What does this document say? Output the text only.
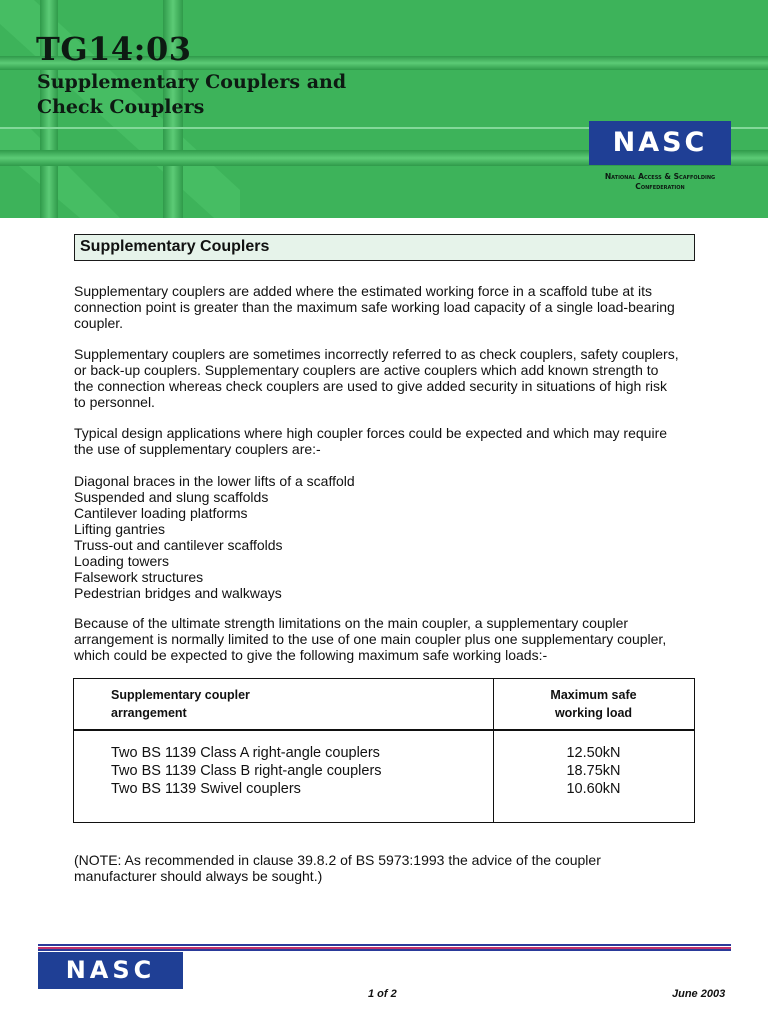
TG14:03
Supplementary Couplers and
Check Couplers
NASC
National Access & Scaffolding
Confederation
Supplementary Couplers
Supplementary couplers are added where the estimated working force in a scaffold tube at its
connection point is greater than the maximum safe working load capacity of a single load-bearing
coupler.
Supplementary couplers are sometimes incorrectly referred to as check couplers, safety couplers,
or back-up couplers. Supplementary couplers are active couplers which add known strength to
the connection whereas check couplers are used to give added security in situations of high risk
to personnel.
Typical design applications where high coupler forces could be expected and which may require
the use of supplementary couplers are:-
Diagonal braces in the lower lifts of a scaffold
Suspended and slung scaffolds
Cantilever loading platforms
Lifting gantries
Truss-out and cantilever scaffolds
Loading towers
Falsework structures
Pedestrian bridges and walkways
Because of the ultimate strength limitations on the main coupler, a supplementary coupler
arrangement is normally limited to the use of one main coupler plus one supplementary coupler,
which could be expected to give the following maximum safe working loads:-
Supplementary coupler
arrangement
Maximum safe
working load
Two BS 1139 Class A right-angle couplers
Two BS 1139 Class B right-angle couplers
Two BS 1139 Swivel couplers
12.50kN
18.75kN
10.60kN
(NOTE: As recommended in clause 39.8.2 of BS 5973:1993 the advice of the coupler
manufacturer should always be sought.)
NASC
1 of 2	June 2003
